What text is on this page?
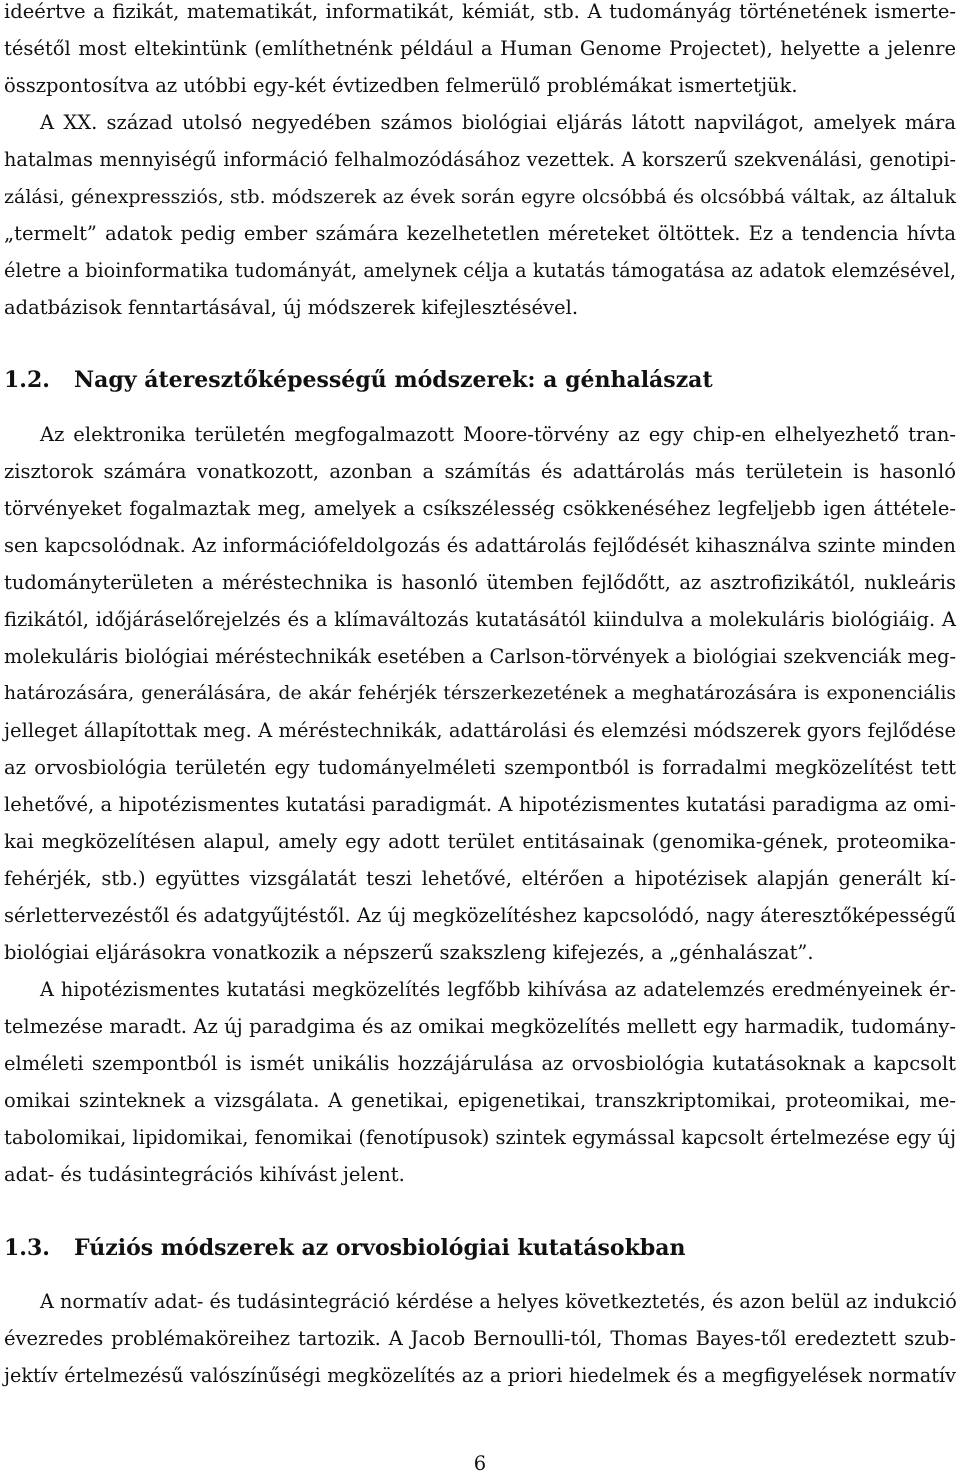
ideértve a fizikát, matematikát, informatikát, kémiát, stb. A tudományág történetének ismerte-
tésétől most eltekintünk (említhetnénk például a Human Genome Projectet), helyette a jelenre
összpontosítva az utóbbi egy-két évtizedben felmerülő problémákat ismertetjük.
A XX. század utolsó negyedében számos biológiai eljárás látott napvilágot, amelyek mára
hatalmas mennyiségű információ felhalmozódásához vezettek. A korszerű szekvenálási, genotipi-
zálási, génexpressziós, stb. módszerek az évek során egyre olcsóbbá és olcsóbbá váltak, az általuk
„termelt” adatok pedig ember számára kezelhetetlen méreteket öltöttek. Ez a tendencia hívta
életre a bioinformatika tudományát, amelynek célja a kutatás támogatása az adatok elemzésével,
adatbázisok fenntartásával, új módszerek kifejlesztésével.
1.2. Nagy áteresztőképességű módszerek: a génhalászat
Az elektronika területén megfogalmazott Moore-törvény az egy chip-en elhelyezhető tran-
zisztorok számára vonatkozott, azonban a számítás és adattárolás más területein is hasonló
törvényeket fogalmaztak meg, amelyek a csíkszélesség csökkenéséhez legfeljebb igen áttétele-
sen kapcsolódnak. Az információfeldolgozás és adattárolás fejlődését kihasználva szinte minden
tudományterületen a méréstechnika is hasonló ütemben fejlődőtt, az asztrofizikától, nukleáris
fizikától, időjáráselőrejelzés és a klímaváltozás kutatásától kiindulva a molekuláris biológiáig. A
molekuláris biológiai méréstechnikák esetében a Carlson-törvények a biológiai szekvenciák meg-
határozására, generálására, de akár fehérjék térszerkezetének a meghatározására is exponenciális
jelleget állapítottak meg. A méréstechnikák, adattárolási és elemzési módszerek gyors fejlődése
az orvosbiológia területén egy tudományelméleti szempontból is forradalmi megközelítést tett
lehetővé, a hipotézismentes kutatási paradigmát. A hipotézismentes kutatási paradigma az omi-
kai megközelítésen alapul, amely egy adott terület entitásainak (genomika-gének, proteomika-
fehérjék, stb.) együttes vizsgálatát teszi lehetővé, eltérően a hipotézisek alapján generált kí-
sérlettervezéstől és adatgyűjtéstől. Az új megközelítéshez kapcsolódó, nagy áteresztőképességű
biológiai eljárásokra vonatkozik a népszerű szakszleng kifejezés, a „génhalászat”.
A hipotézismentes kutatási megközelítés legfőbb kihívása az adatelemzés eredményeinek ér-
telmezése maradt. Az új paradgima és az omikai megközelítés mellett egy harmadik, tudomány-
elméleti szempontból is ismét unikális hozzájárulása az orvosbiológia kutatásoknak a kapcsolt
omikai szinteknek a vizsgálata. A genetikai, epigenetikai, transzkriptomikai, proteomikai, me-
tabolomikai, lipidomikai, fenomikai (fenotípusok) szintek egymással kapcsolt értelmezése egy új
adat- és tudásintegrációs kihívást jelent.
1.3. Fúziós módszerek az orvosbiológiai kutatásokban
A normatív adat- és tudásintegráció kérdése a helyes következtetés, és azon belül az indukció
évezredes problémaköreihez tartozik. A Jacob Bernoulli-tól, Thomas Bayes-től eredeztett szub-
jektív értelmezésű valószínűségi megközelítés az a priori hiedelmek és a megfigyelések normatív
6
